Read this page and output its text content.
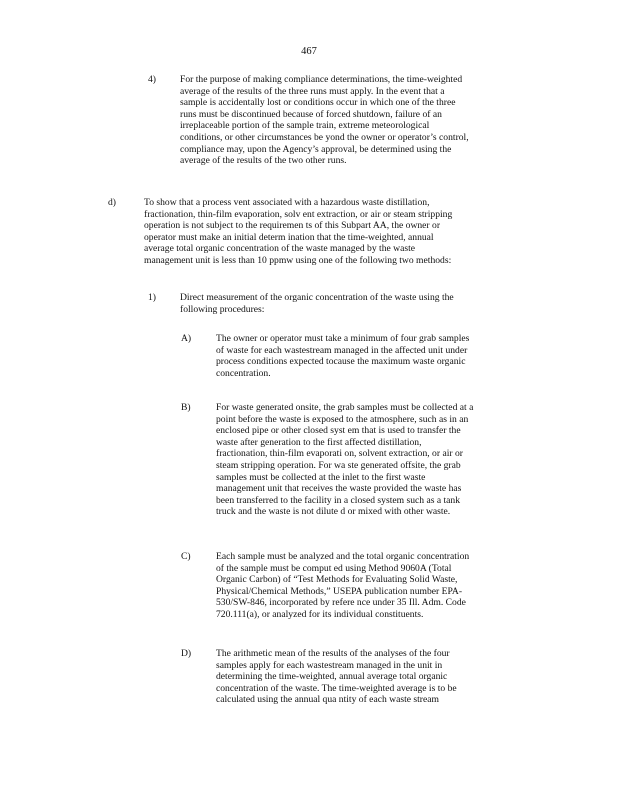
467
4)	For the purpose of making compliance determinations, the time-weighted
average of the results of the three runs must apply. In the event that a
sample is accidentally lost or conditions occur in which one of the three
runs must be discontinued because of forced shutdown, failure of an
irreplaceable portion of the sample train, extreme meteorological
conditions, or other circumstances be yond the owner or operator’s control,
compliance may, upon the Agency’s approval, be determined using the
average of the results of the two other runs.
d)	To show that a process vent associated with a hazardous waste distillation,
fractionation, thin-film evaporation, solv ent extraction, or air or steam stripping
operation is not subject to the requiremen ts of this Subpart AA, the owner or
operator must make an initial determ ination that the time-weighted, annual
average total organic concentration of the waste managed by the waste
management unit is less than 10 ppmw using one of the following two methods:
1)	Direct measurement of the organic concentration of the waste using the
following procedures:
A)	The owner or operator must take a minimum of four grab samples
of waste for each wastestream managed in the affected unit under
process conditions expected tocause the maximum waste organic
concentration.
B)	For waste generated onsite, the grab samples must be collected at a
point before the waste is exposed to the atmosphere, such as in an
enclosed pipe or other closed syst em that is used to transfer the
waste after generation to the first affected distillation,
fractionation, thin-film evaporati on, solvent extraction, or air or
steam stripping operation. For wa ste generated offsite, the grab
samples must be collected at the inlet to the first waste
management unit that receives the waste provided the waste has
been transferred to the facility in a closed system such as a tank
truck and the waste is not dilute d or mixed with other waste.
C)	Each sample must be analyzed and the total organic concentration
of the sample must be comput ed using Method 9060A (Total
Organic Carbon) of “Test Methods for Evaluating Solid Waste,
Physical/Chemical Methods,” USEPA publication number EPA-
530/SW-846, incorporated by refere nce under 35 Ill. Adm. Code
720.111(a), or analyzed for its individual constituents.
D)	The arithmetic mean of the results of the analyses of the four
samples apply for each wastestream managed in the unit in
determining the time-weighted, annual average total organic
concentration of the waste. The time-weighted average is to be
calculated using the annual qua ntity of each waste stream
